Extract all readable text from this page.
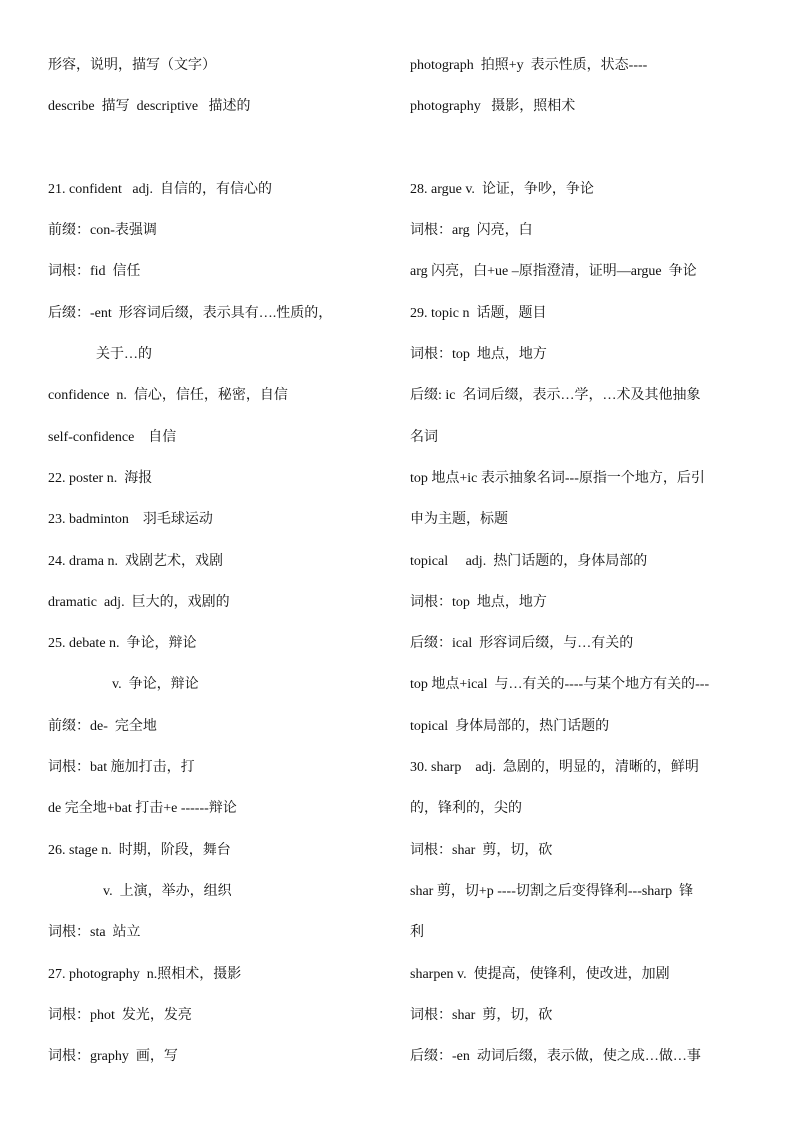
形容，说明，描写（文字）
describe  描写  descriptive   描述的
21. confident   adj.  自信的，有信心的
前缀：con-表强调
词根：fid  信任
后缀：-ent  形容词后缀，表示具有….性质的，
关于…的
confidence  n.  信心，信任，秘密，自信
self-confidence    自信
22. poster n.  海报
23. badminton    羽毛球运动
24. drama n.  戏剧艺术，戏剧
dramatic  adj.  巨大的，戏剧的
25. debate n.  争论，辩论
v.  争论，辩论
前缀：de-  完全地
词根：bat 施加打击，打
de 完全地+bat 打击+e ------辩论
26. stage n.  时期，阶段，舞台
v.  上演，举办，组织
词根：sta  站立
27. photography  n.照相术，摄影
词根：phot  发光，发亮
词根：graphy  画，写
photograph  拍照+y  表示性质，状态----
photography   摄影，照相术
28. argue v.  论证，争吵，争论
词根：arg  闪亮，白
arg 闪亮，白+ue –原指澄清，证明—argue  争论
29. topic n  话题，题目
词根：top  地点，地方
后缀: ic  名词后缀，表示…学，…术及其他抽象
名词
top 地点+ic 表示抽象名词---原指一个地方，后引
申为主题，标题
topical     adj.  热门话题的，身体局部的
词根：top  地点，地方
后缀：ical  形容词后缀，与…有关的
top 地点+ical  与…有关的----与某个地方有关的---
topical  身体局部的，热门话题的
30. sharp    adj.  急剧的，明显的，清晰的，鲜明
的，锋利的，尖的
词根：shar  剪，切，砍
shar 剪，切+p ----切割之后变得锋利---sharp  锋
利
sharpen v.  使提高，使锋利，使改进，加剧
词根：shar  剪，切，砍
后缀：-en  动词后缀，表示做，使之成…做…事
